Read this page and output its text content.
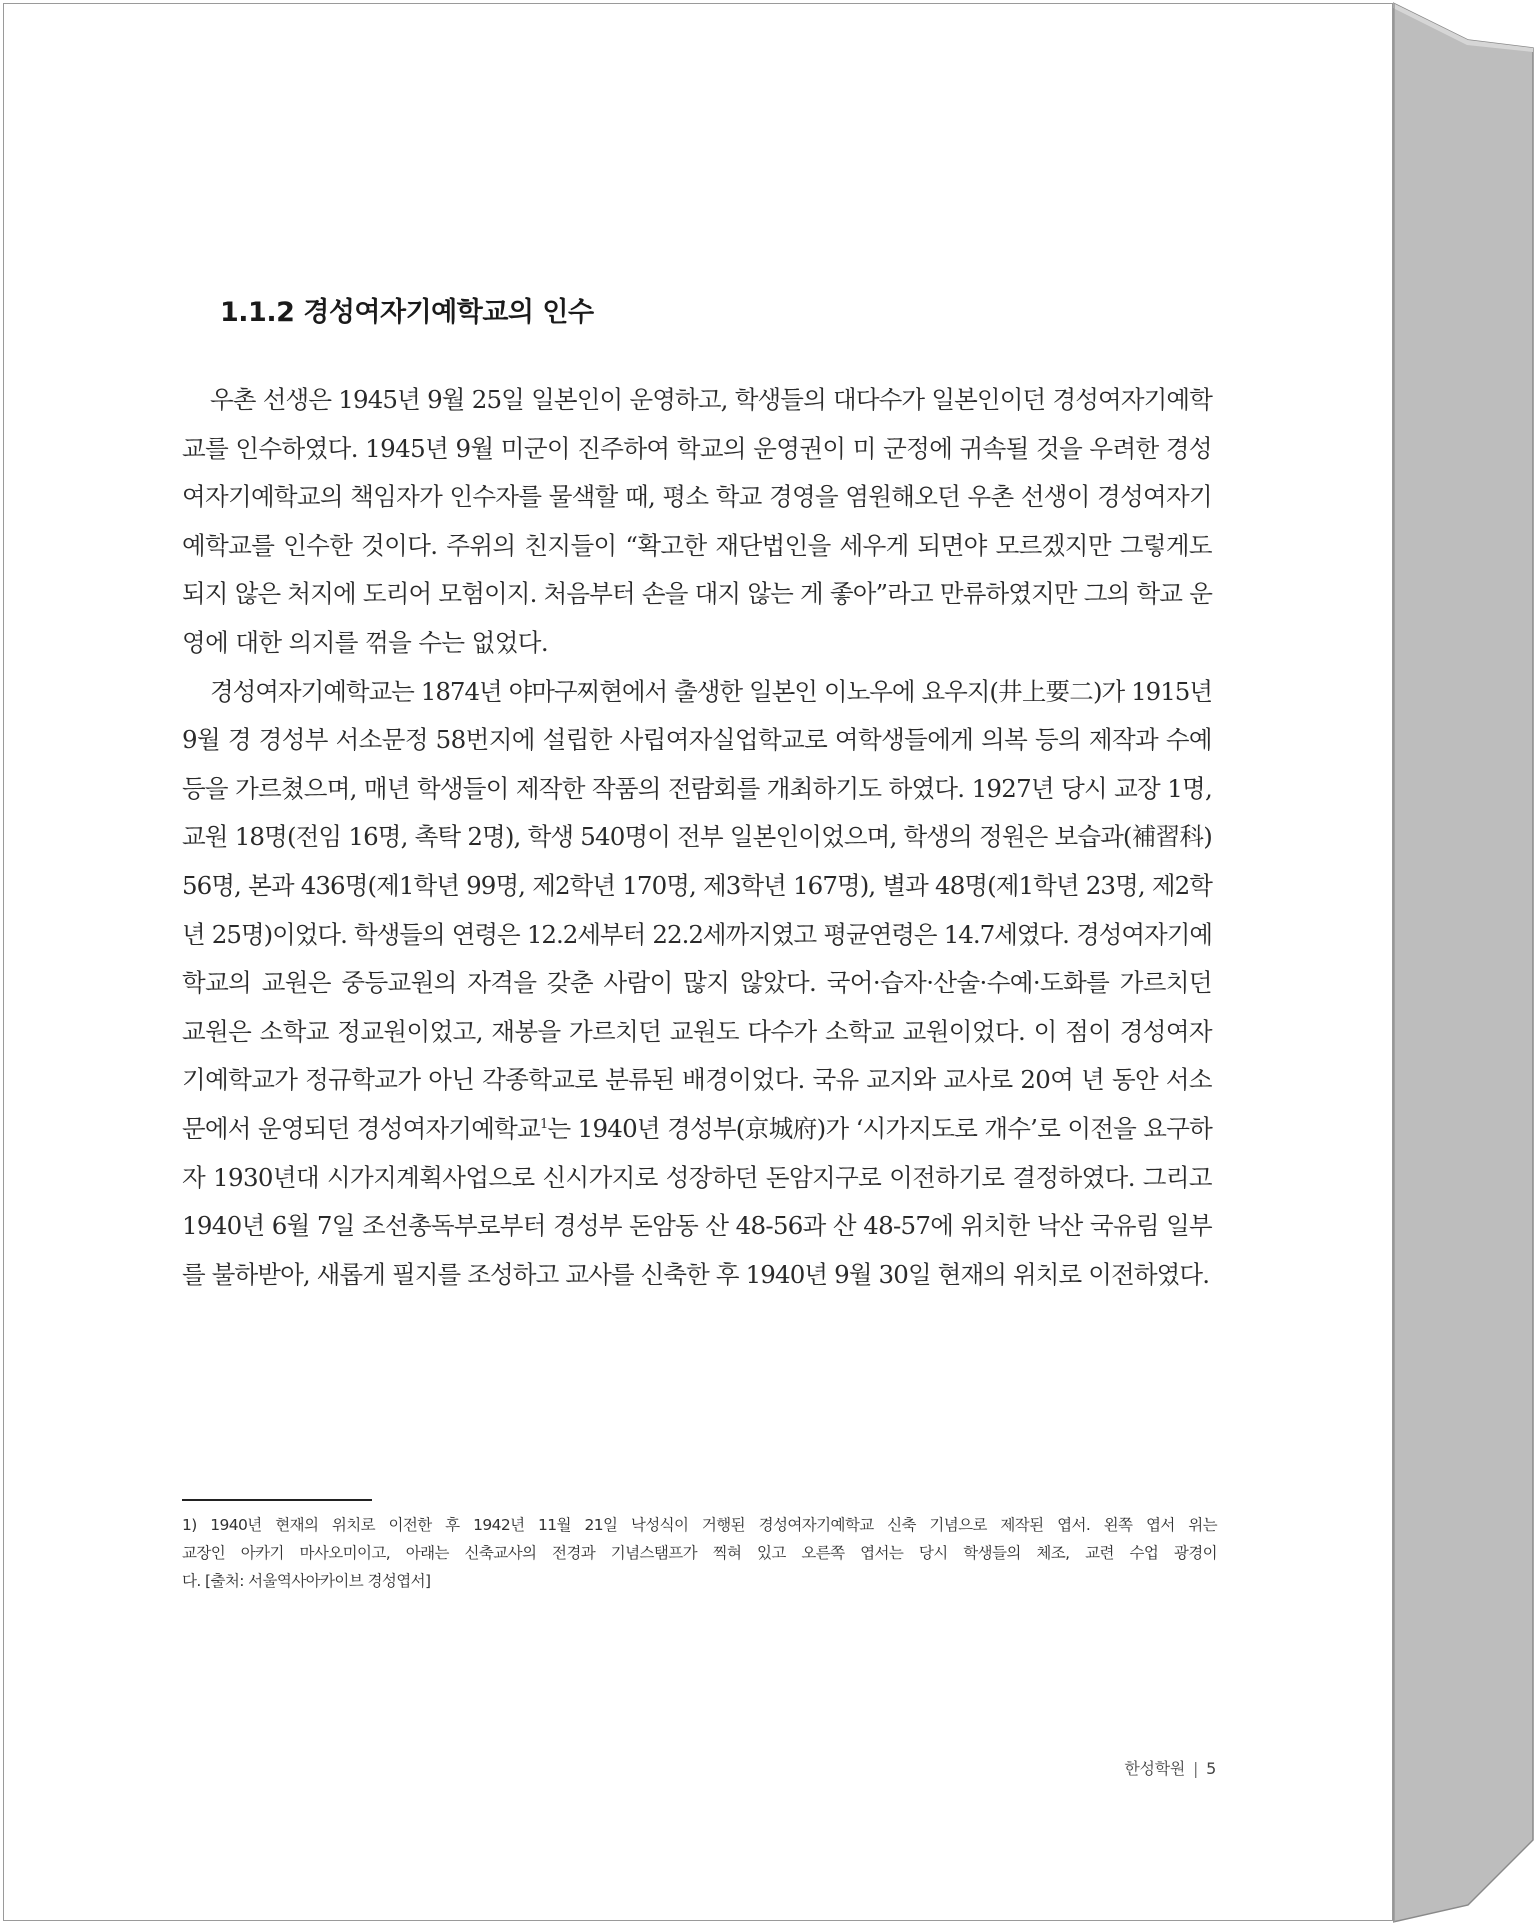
1.1.2 경성여자기예학교의 인수

우촌 선생은 1945년 9월 25일 일본인이 운영하고, 학생들의 대다수가 일본인이던 경성여자기예학
교를 인수하였다. 1945년 9월 미군이 진주하여 학교의 운영권이 미 군정에 귀속될 것을 우려한 경성
여자기예학교의 책임자가 인수자를 물색할 때, 평소 학교 경영을 염원해오던 우촌 선생이 경성여자기
예학교를 인수한 것이다. 주위의 친지들이 “확고한 재단법인을 세우게 되면야 모르겠지만 그렇게도
되지 않은 처지에 도리어 모험이지. 처음부터 손을 대지 않는 게 좋아”라고 만류하였지만 그의 학교 운
영에 대한 의지를 꺾을 수는 없었다.

경성여자기예학교는 1874년 야마구찌현에서 출생한 일본인 이노우에 요우지(井上要二)가 1915년
9월 경 경성부 서소문정 58번지에 설립한 사립여자실업학교로 여학생들에게 의복 등의 제작과 수예
등을 가르쳤으며, 매년 학생들이 제작한 작품의 전람회를 개최하기도 하였다. 1927년 당시 교장 1명,
교원 18명(전임 16명, 촉탁 2명), 학생 540명이 전부 일본인이었으며, 학생의 정원은 보습과(補習科)
56명, 본과 436명(제1학년 99명, 제2학년 170명, 제3학년 167명), 별과 48명(제1학년 23명, 제2학
년 25명)이었다. 학생들의 연령은 12.2세부터 22.2세까지였고 평균연령은 14.7세였다. 경성여자기예
학교의 교원은 중등교원의 자격을 갖춘 사람이 많지 않았다. 국어·습자·산술·수예·도화를 가르치던
교원은 소학교 정교원이었고, 재봉을 가르치던 교원도 다수가 소학교 교원이었다. 이 점이 경성여자
기예학교가 정규학교가 아닌 각종학교로 분류된 배경이었다. 국유 교지와 교사로 20여 년 동안 서소
문에서 운영되던 경성여자기예학교$^1$는 1940년 경성부(京城府)가 ‘시가지도로 개수’로 이전을 요구하
자 1930년대 시가지계획사업으로 신시가지로 성장하던 돈암지구로 이전하기로 결정하였다. 그리고
1940년 6월 7일 조선총독부로부터 경성부 돈암동 산 48-56과 산 48-57에 위치한 낙산 국유림 일부
를 불하받아, 새롭게 필지를 조성하고 교사를 신축한 후 1940년 9월 30일 현재의 위치로 이전하였다.

1) 1940년 현재의 위치로 이전한 후 1942년 11월 21일 낙성식이 거행된 경성여자기예학교 신축 기념으로 제작된 엽서. 왼쪽 엽서 위는
교장인 아카기 마사오미이고, 아래는 신축교사의 전경과 기념스탬프가 찍혀 있고 오른쪽 엽서는 당시 학생들의 체조, 교련 수업 광경이
다. [출처: 서울역사아카이브 경성엽서]
한성학원 | 5
